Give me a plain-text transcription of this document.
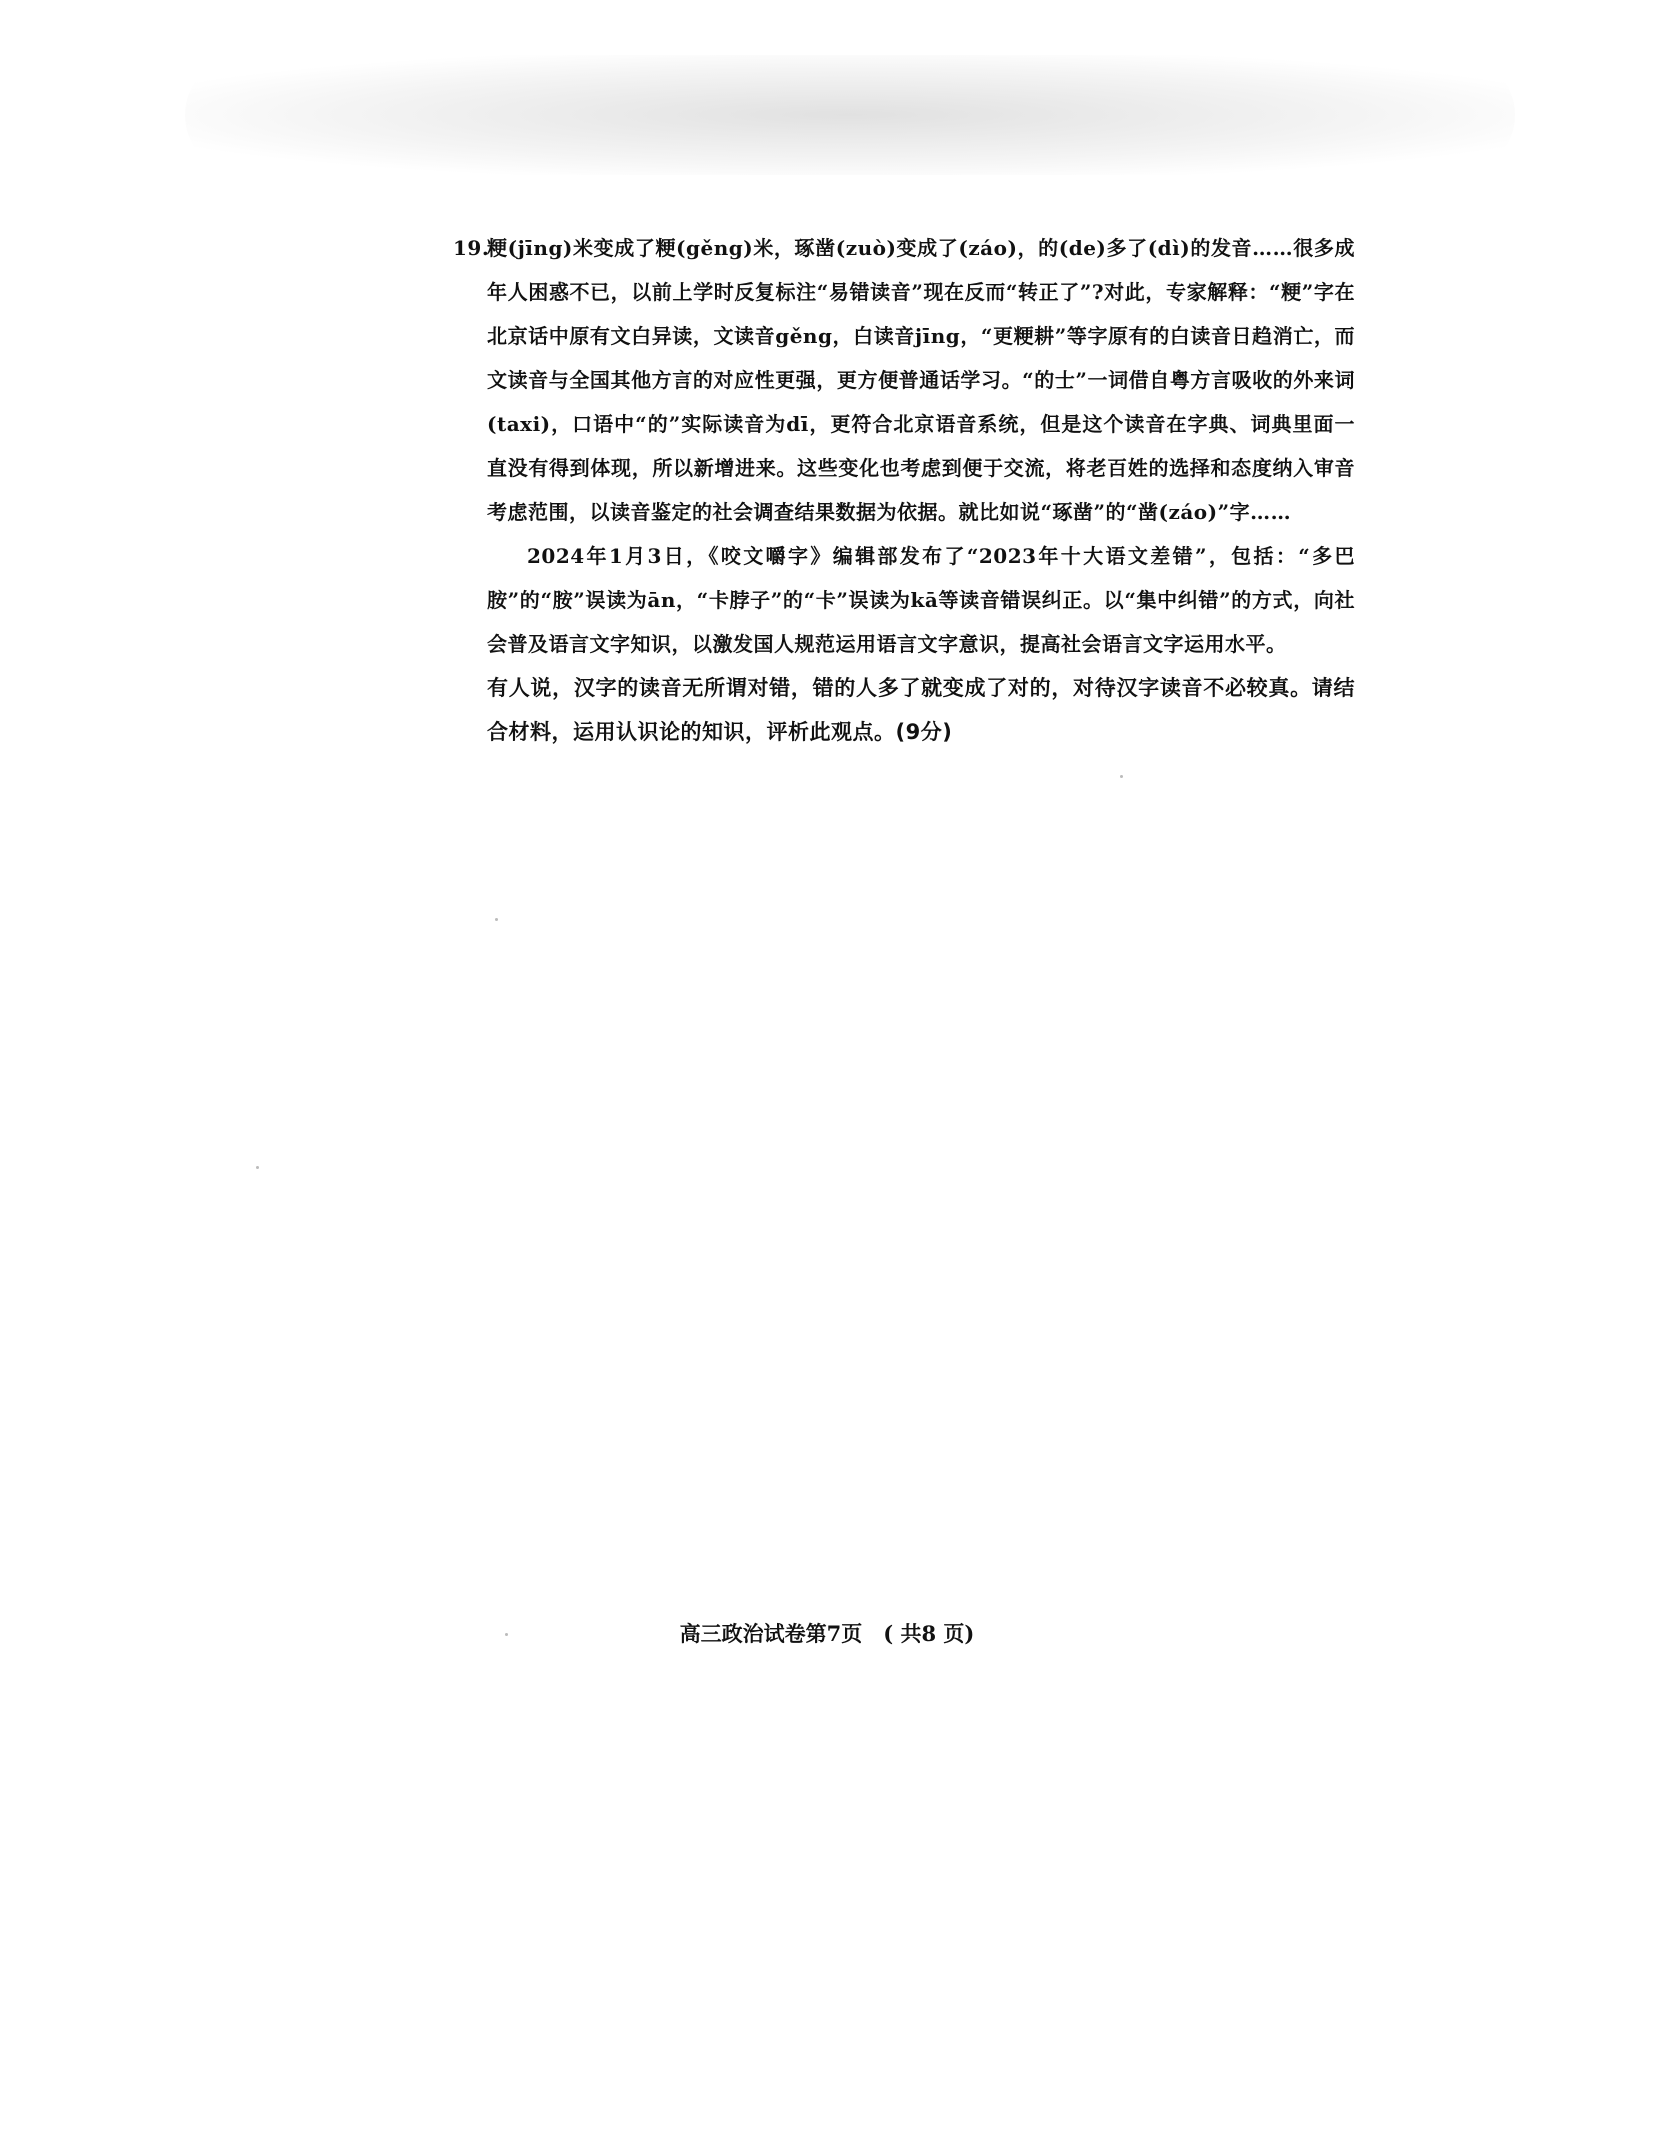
19.

粳(jīng)米变成了粳(gěng)米，琢凿(zuò)变成了(záo)，的(de)多了(dì)的发音……很多成年人困惑不已，以前上学时反复标注“易错读音”现在反而“转正了”?对此，专家解释：“粳”字在北京话中原有文白异读，文读音gěng，白读音jīng，“更粳耕”等字原有的白读音日趋消亡，而文读音与全国其他方言的对应性更强，更方便普通话学习。“的士”一词借自粤方言吸收的外来词(taxi)，口语中“的”实际读音为dī，更符合北京语音系统，但是这个读音在字典、词典里面一直没有得到体现，所以新增进来。这些变化也考虑到便于交流，将老百姓的选择和态度纳入审音考虑范围，以读音鉴定的社会调查结果数据为依据。就比如说“琢凿”的“凿(záo)”字……

2024年1月3日，《咬文嚼字》编辑部发布了“2023年十大语文差错”，包括：“多巴胺”的“胺”误读为ān，“卡脖子”的“卡”误读为kā等读音错误纠正。以“集中纠错”的方式，向社会普及语言文字知识，以激发国人规范运用语言文字意识，提高社会语言文字运用水平。

有人说，汉字的读音无所谓对错，错的人多了就变成了对的，对待汉字读音不必较真。请结合材料，运用认识论的知识，评析此观点。(9分)

高三政治试卷第7页　( 共8 页)
